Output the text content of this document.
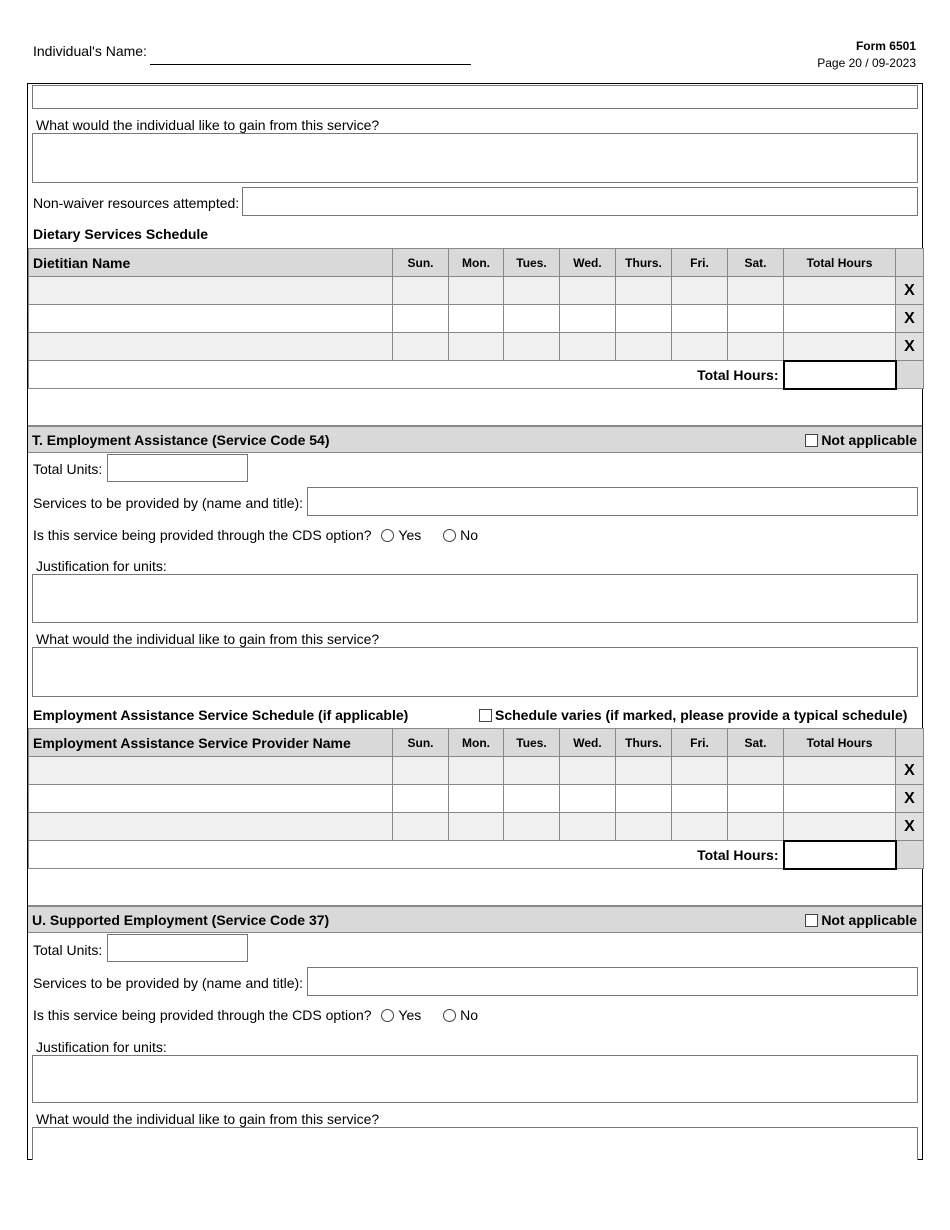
Individual's Name:	Form 6501
Page 20 / 09-2023
What would the individual like to gain from this service?
Non-waiver resources attempted:
Dietary Services Schedule
Dietitian Name	Sun.	Mon.	Tues.	Wed.	Thurs.	Fri.	Sat.	Total Hours	
									X
									X
									X
Total Hours:									
T. Employment Assistance (Service Code 54)	Not applicable
Total Units:
Services to be provided by (name and title):
Is this service being provided through the CDS option? Yes	No
Justification for units:
What would the individual like to gain from this service?
Employment Assistance Service Schedule (if applicable)	Schedule varies (if marked, please provide a typical schedule)
Employment Assistance Service Provider Name	Sun.	Mon.	Tues.	Wed.	Thurs.	Fri.	Sat.	Total Hours	
									X
									X
									X
Total Hours:									
U. Supported Employment (Service Code 37)	Not applicable
Total Units:
Services to be provided by (name and title):
Is this service being provided through the CDS option? Yes	No
Justification for units:
What would the individual like to gain from this service?
